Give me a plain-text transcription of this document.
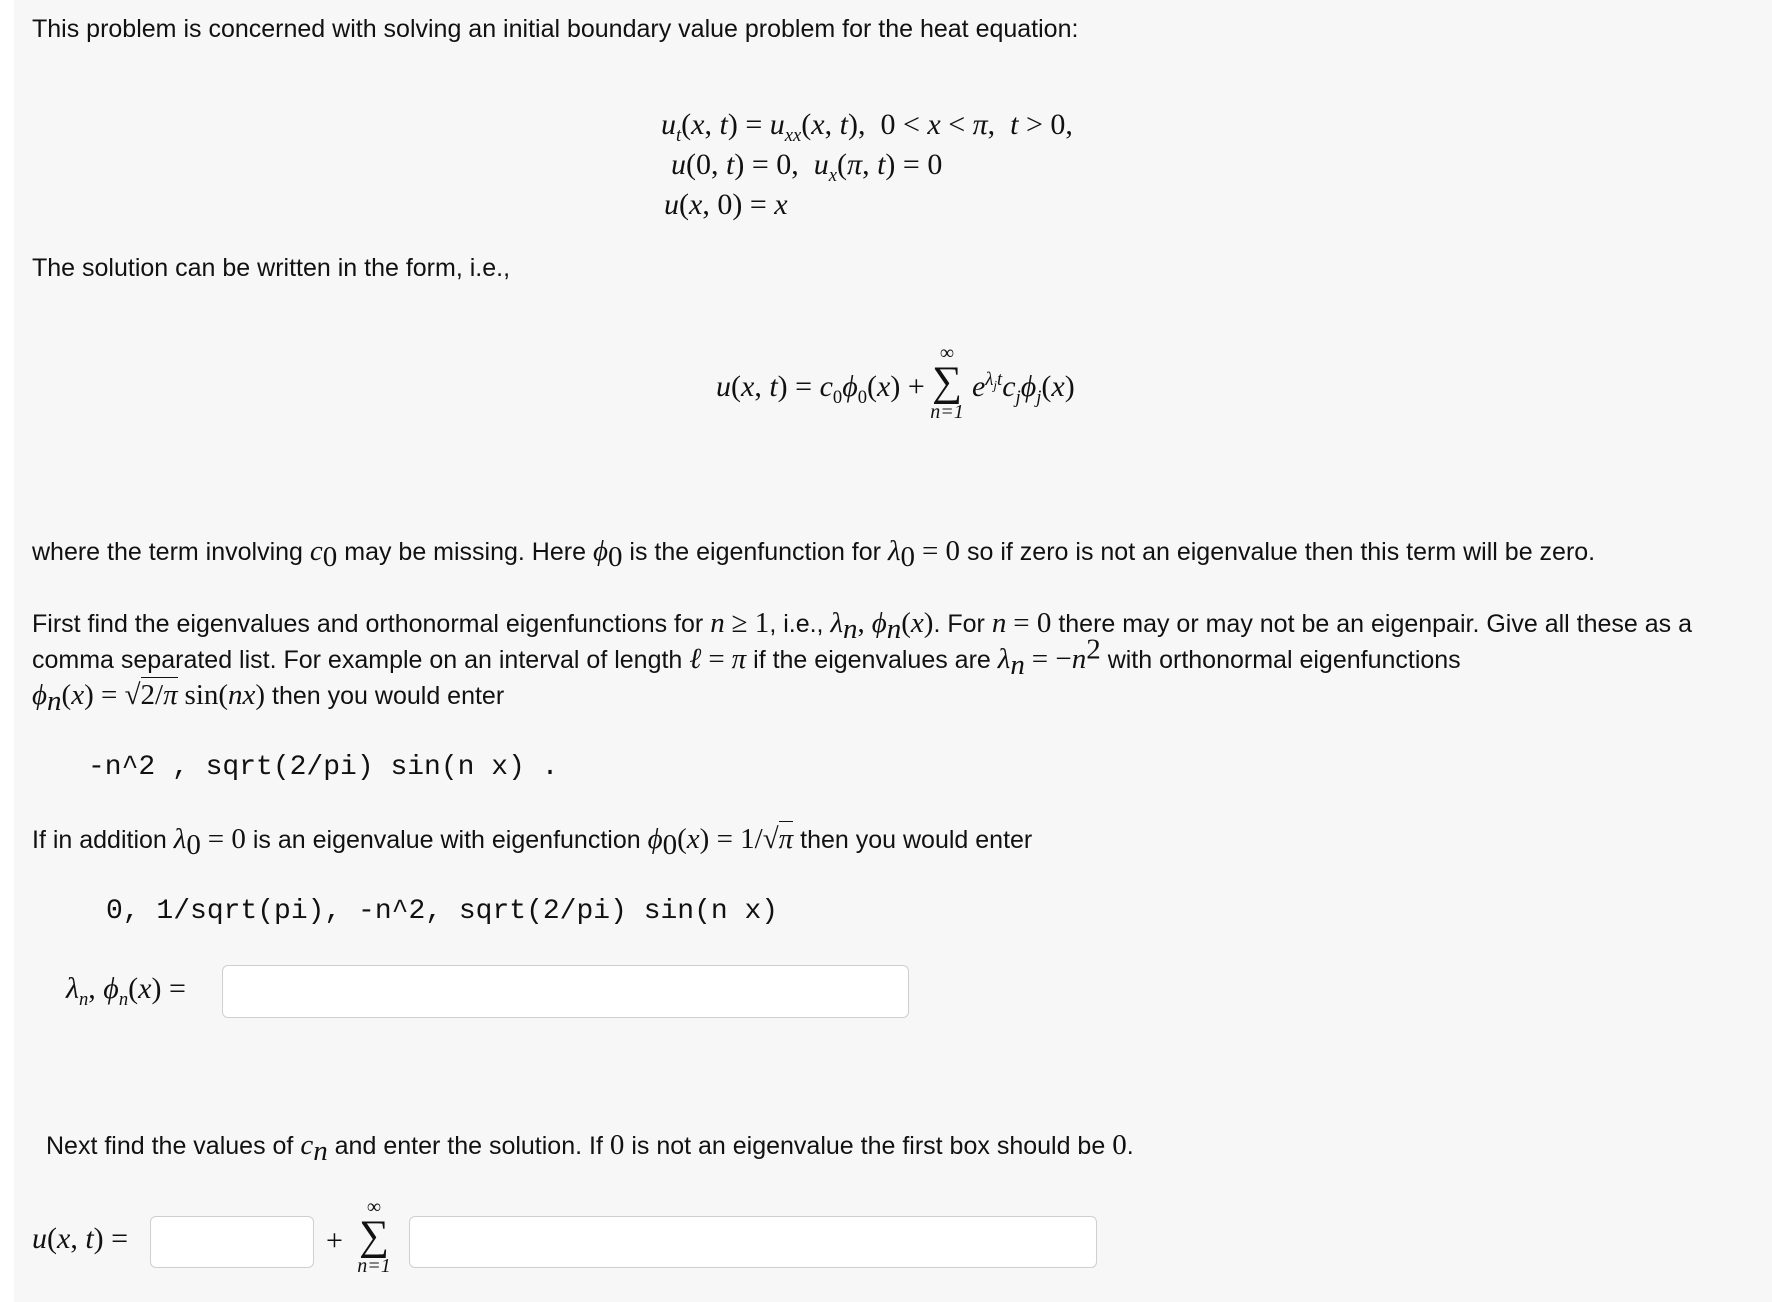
This problem is concerned with solving an initial boundary value problem for the heat equation:
$u_t(x$, $t) = u_{xx}(x$, t),  0 < x < π,  t > 0,
u(0, t) = 0,  $u_x(\pi$, t) = 0
u(x, 0) = x
The solution can be written in the form, i.e.,
u(x, $t) = c_0\phi_0(x)$ +
∞
∑
n=1
$e^{\lambda_jt}c_j\phi_j(x)$
where the term involving $c_0$ may be missing. Here $\phi_0$ is the eigenfunction for $\lambda_0 = 0$ so if zero is not an eigenvalue then this term will be zero.
First find the eigenvalues and orthonormal eigenfunctions for n ≥ 1, i.e., $\lambda_n$, $\phi_n(x)$. For n = 0 there may or may not be an eigenpair. Give all these as a
comma separated list. For example on an interval of length ℓ = π if the eigenvalues are $\lambda_n = -n^2$ with orthonormal eigenfunctions
$\phi_n(x) = √2/\pi$ sin(nx) then you would enter
-n^2 , sqrt(2/pi) sin(n x) .
If in addition $\lambda_0 = 0$ is an eigenvalue with eigenfunction $\phi_0(x) = 1/√\pi$ then you would enter
0, 1/sqrt(pi), -n^2, sqrt(2/pi) sin(n x)
$\lambda_n$, $\phi_n(x)$ =
Next find the values of $c_n$ and enter the solution. If 0 is not an eigenvalue the first box should be 0.
u(x, t) =	+
∞
∑
n=1
